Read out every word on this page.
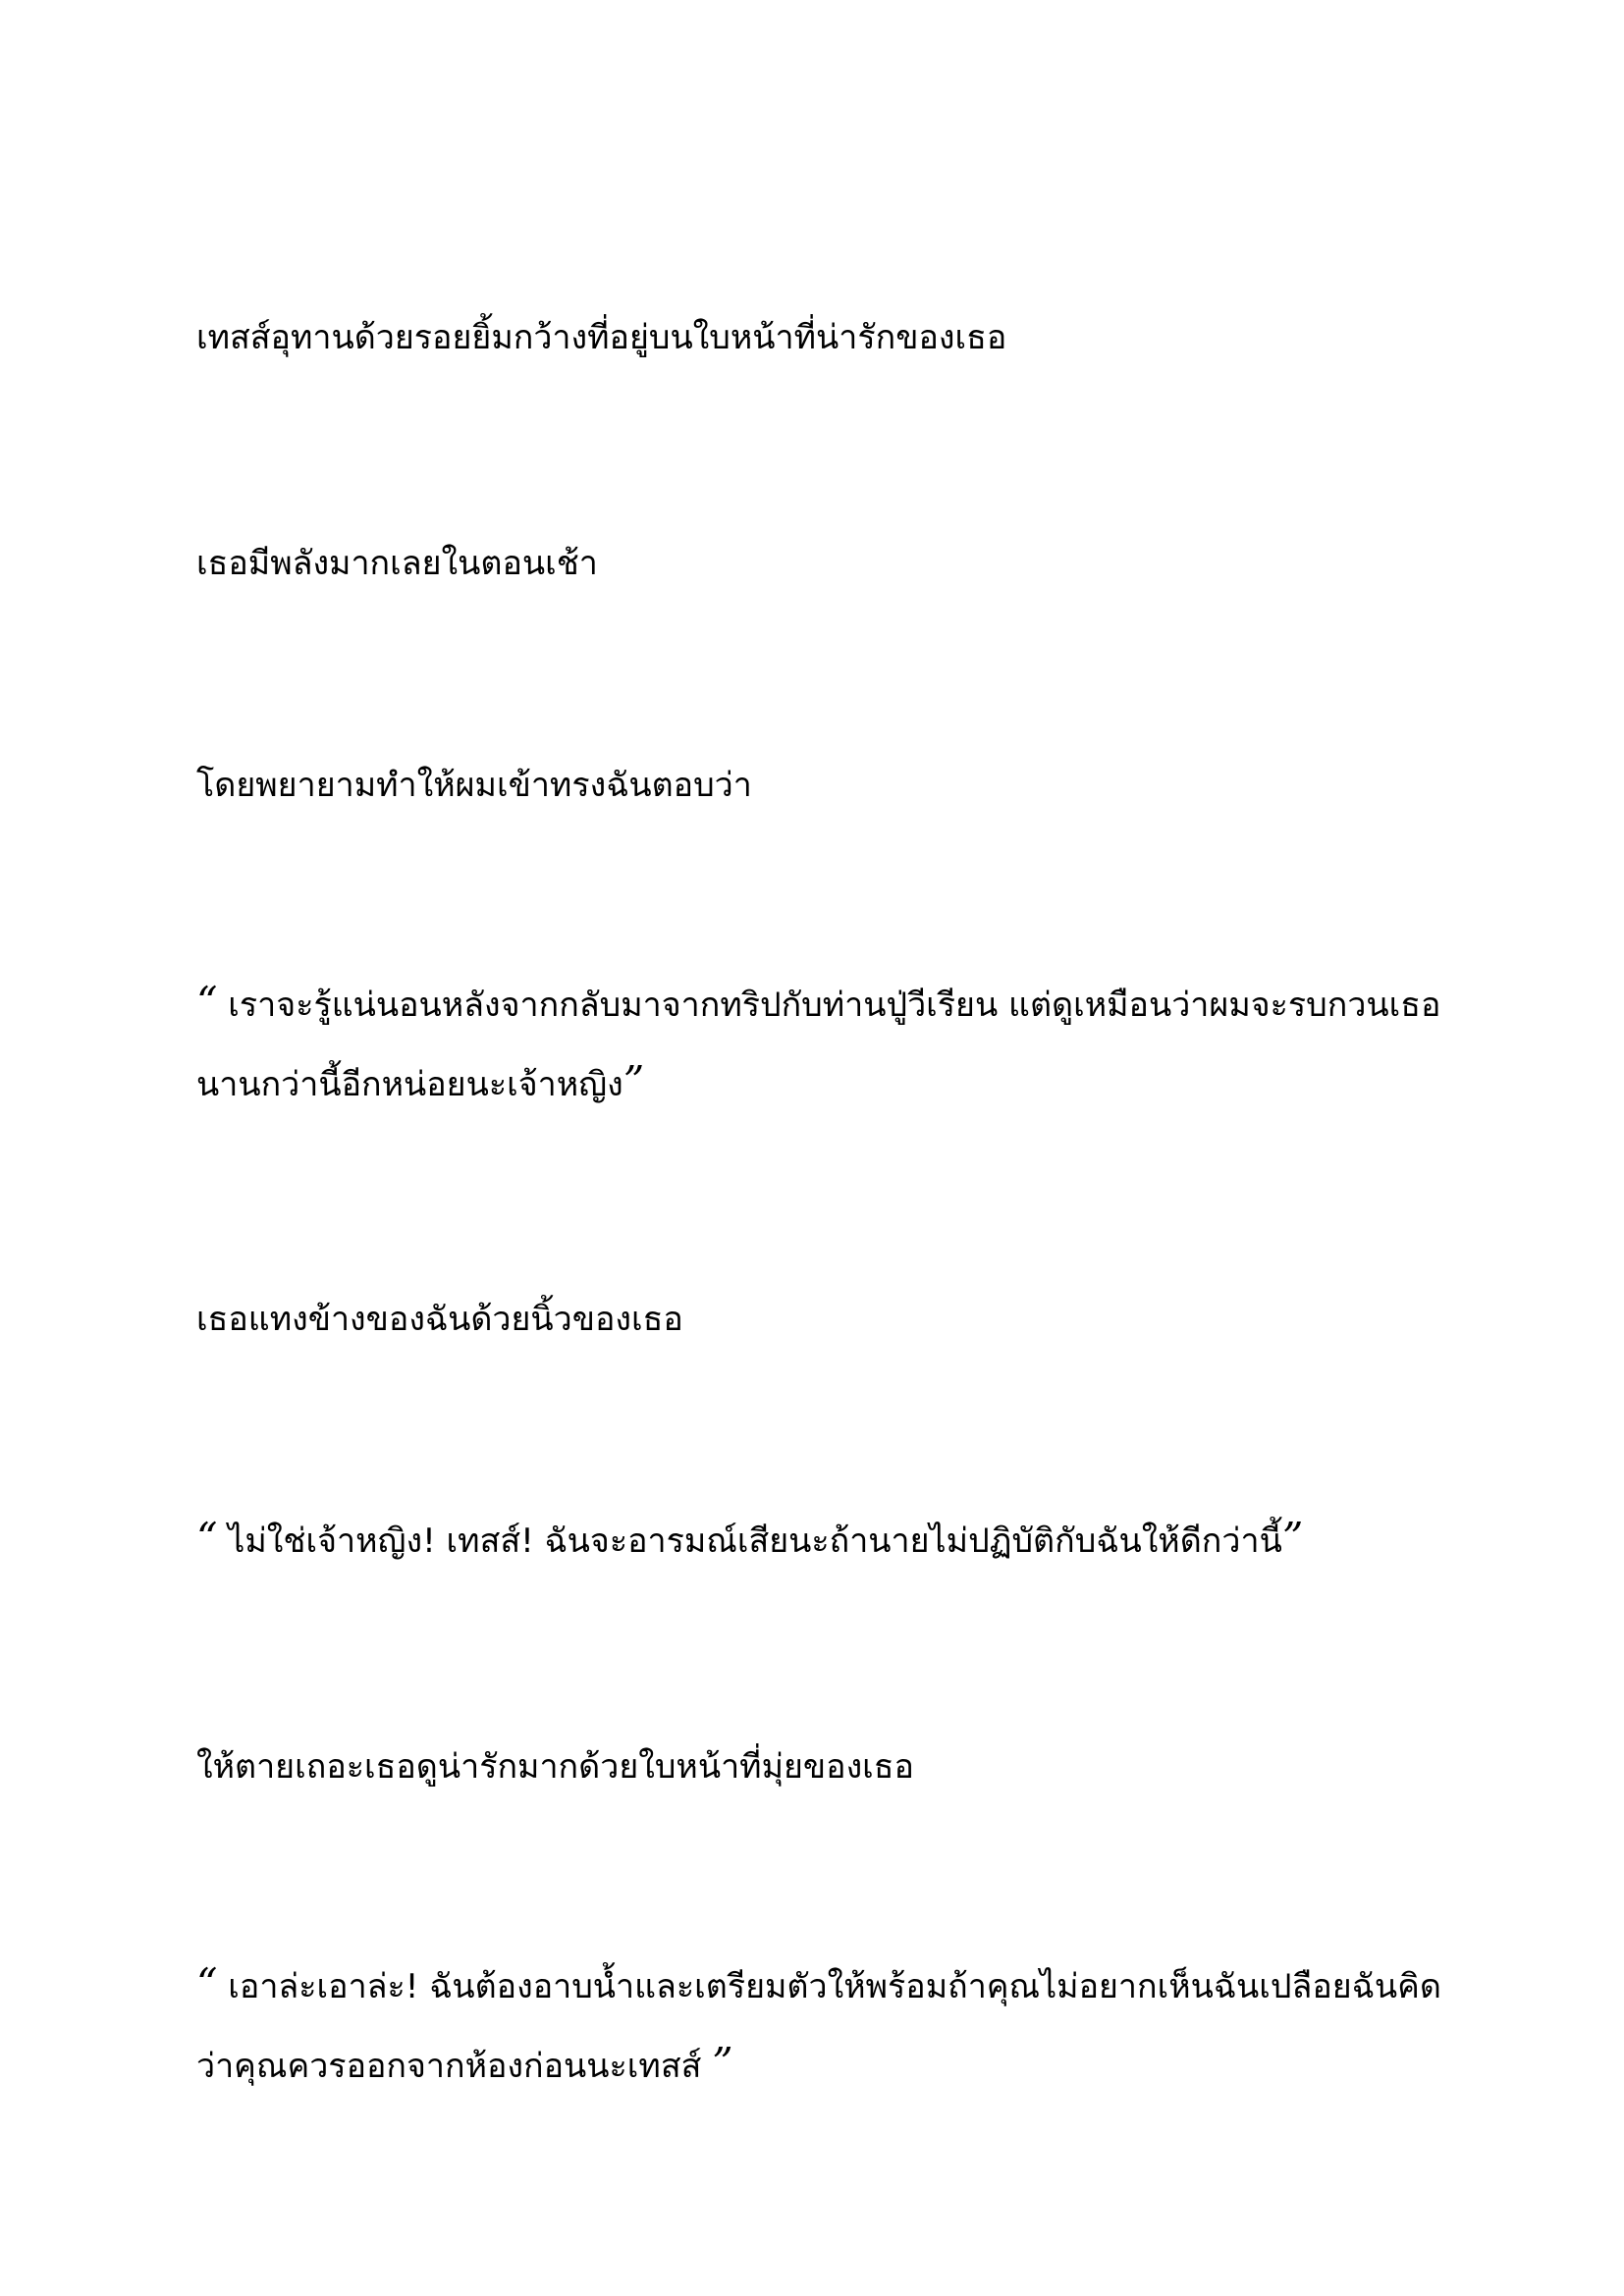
เทสส์อุทานด้วยรอยยิ้มกว้างที่อยู่บนใบหน้าที่น่ารักของเธอ

เธอมีพลังมากเลยในตอนเช้า

โดยพยายามทำให้ผมเข้าทรงฉันตอบว่า

“ เราจะรู้แน่นอนหลังจากกลับมาจากทริปกับท่านปู่วีเรียน แต่ดูเหมือนว่าผมจะรบกวนเธอนานกว่านี้อีกหน่อยนะเจ้าหญิง”

เธอแทงข้างของฉันด้วยนิ้วของเธอ

“ ไม่ใช่เจ้าหญิง! เทสส์! ฉันจะอารมณ์เสียนะถ้านายไม่ปฏิบัติกับฉันให้ดีกว่านี้”

ให้ตายเถอะเธอดูน่ารักมากด้วยใบหน้าที่มุ่ยของเธอ

“ เอาล่ะเอาล่ะ! ฉันต้องอาบน้ำและเตรียมตัวให้พร้อมถ้าคุณไม่อยากเห็นฉันเปลือยฉันคิดว่าคุณควรออกจากห้องก่อนนะเทสส์ ”
